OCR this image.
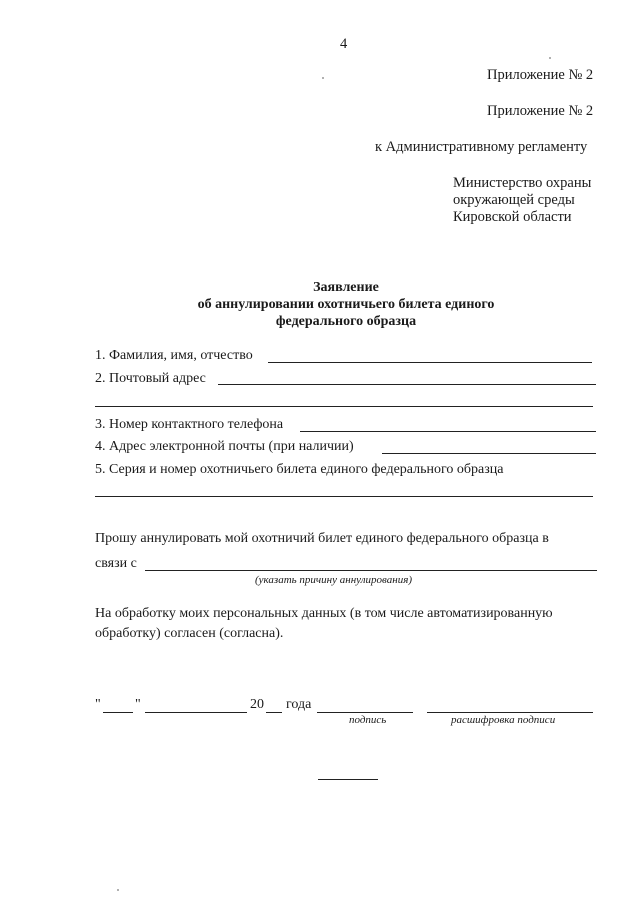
4
Приложение № 2
Приложение № 2
к Административному регламенту
Министерство охраны
окружающей среды
Кировской области
Заявление
об аннулировании охотничьего билета единого
федерального образца
1. Фамилия, имя, отчество
2. Почтовый адрес
3. Номер контактного телефона
4. Адрес электронной почты (при наличии)
5. Серия и номер охотничьего билета единого федерального образца
Прошу аннулировать мой охотничий билет единого федерального образца в
связи с
(указать причину аннулирования)
На обработку моих персональных данных (в том числе автоматизированную
обработку) согласен (согласна).
" "	20 года
подпись	расшифровка подписи
